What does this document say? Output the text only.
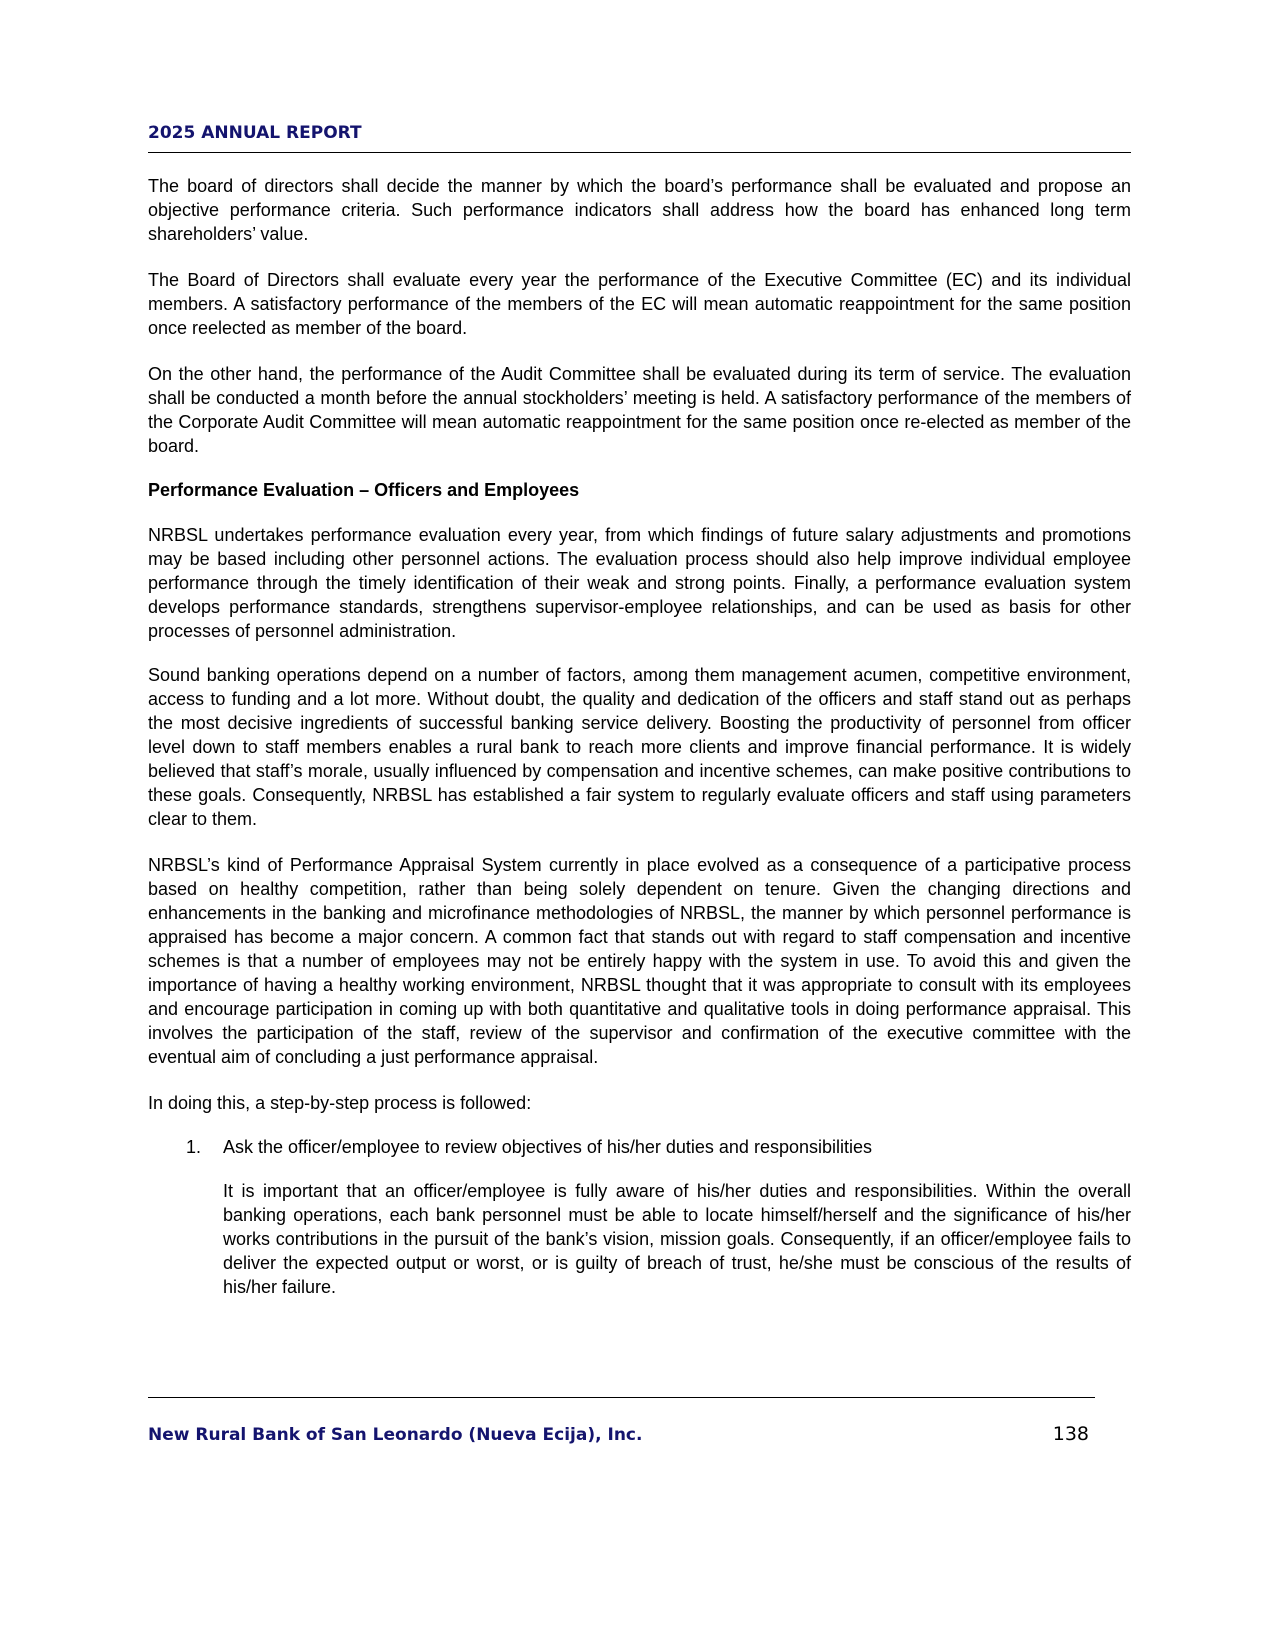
2025 ANNUAL REPORT

The board of directors shall decide the manner by which the board’s performance shall be evaluated and propose an objective performance criteria. Such performance indicators shall address how the board has enhanced long term shareholders’ value.

The Board of Directors shall evaluate every year the performance of the Executive Committee (EC) and its individual members. A satisfactory performance of the members of the EC will mean automatic reappointment for the same position once reelected as member of the board.

On the other hand, the performance of the Audit Committee shall be evaluated during its term of service. The evaluation shall be conducted a month before the annual stockholders’ meeting is held. A satisfactory performance of the members of the Corporate Audit Committee will mean automatic reappointment for the same position once re-elected as member of the board.

Performance Evaluation – Officers and Employees

NRBSL undertakes performance evaluation every year, from which findings of future salary adjustments and promotions may be based including other personnel actions. The evaluation process should also help improve individual employee performance through the timely identification of their weak and strong points. Finally, a performance evaluation system develops performance standards, strengthens supervisor-employee relationships, and can be used as basis for other processes of personnel administration.

Sound banking operations depend on a number of factors, among them management acumen, competitive environment, access to funding and a lot more. Without doubt, the quality and dedication of the officers and staff stand out as perhaps the most decisive ingredients of successful banking service delivery. Boosting the productivity of personnel from officer level down to staff members enables a rural bank to reach more clients and improve financial performance. It is widely believed that staff’s morale, usually influenced by compensation and incentive schemes, can make positive contributions to these goals. Consequently, NRBSL has established a fair system to regularly evaluate officers and staff using parameters clear to them.

NRBSL’s kind of Performance Appraisal System currently in place evolved as a consequence of a participative process based on healthy competition, rather than being solely dependent on tenure. Given the changing directions and enhancements in the banking and microfinance methodologies of NRBSL, the manner by which personnel performance is appraised has become a major concern. A common fact that stands out with regard to staff compensation and incentive schemes is that a number of employees may not be entirely happy with the system in use. To avoid this and given the importance of having a healthy working environment, NRBSL thought that it was appropriate to consult with its employees and encourage participation in coming up with both quantitative and qualitative tools in doing performance appraisal. This involves the participation of the staff, review of the supervisor and confirmation of the executive committee with the eventual aim of concluding a just performance appraisal.

In doing this, a step-by-step process is followed:

1. Ask the officer/employee to review objectives of his/her duties and responsibilities

It is important that an officer/employee is fully aware of his/her duties and responsibilities. Within the overall banking operations, each bank personnel must be able to locate himself/herself and the significance of his/her works contributions in the pursuit of the bank’s vision, mission goals. Consequently, if an officer/employee fails to deliver the expected output or worst, or is guilty of breach of trust, he/she must be conscious of the results of his/her failure.

New Rural Bank of San Leonardo (Nueva Ecija), Inc.	138
